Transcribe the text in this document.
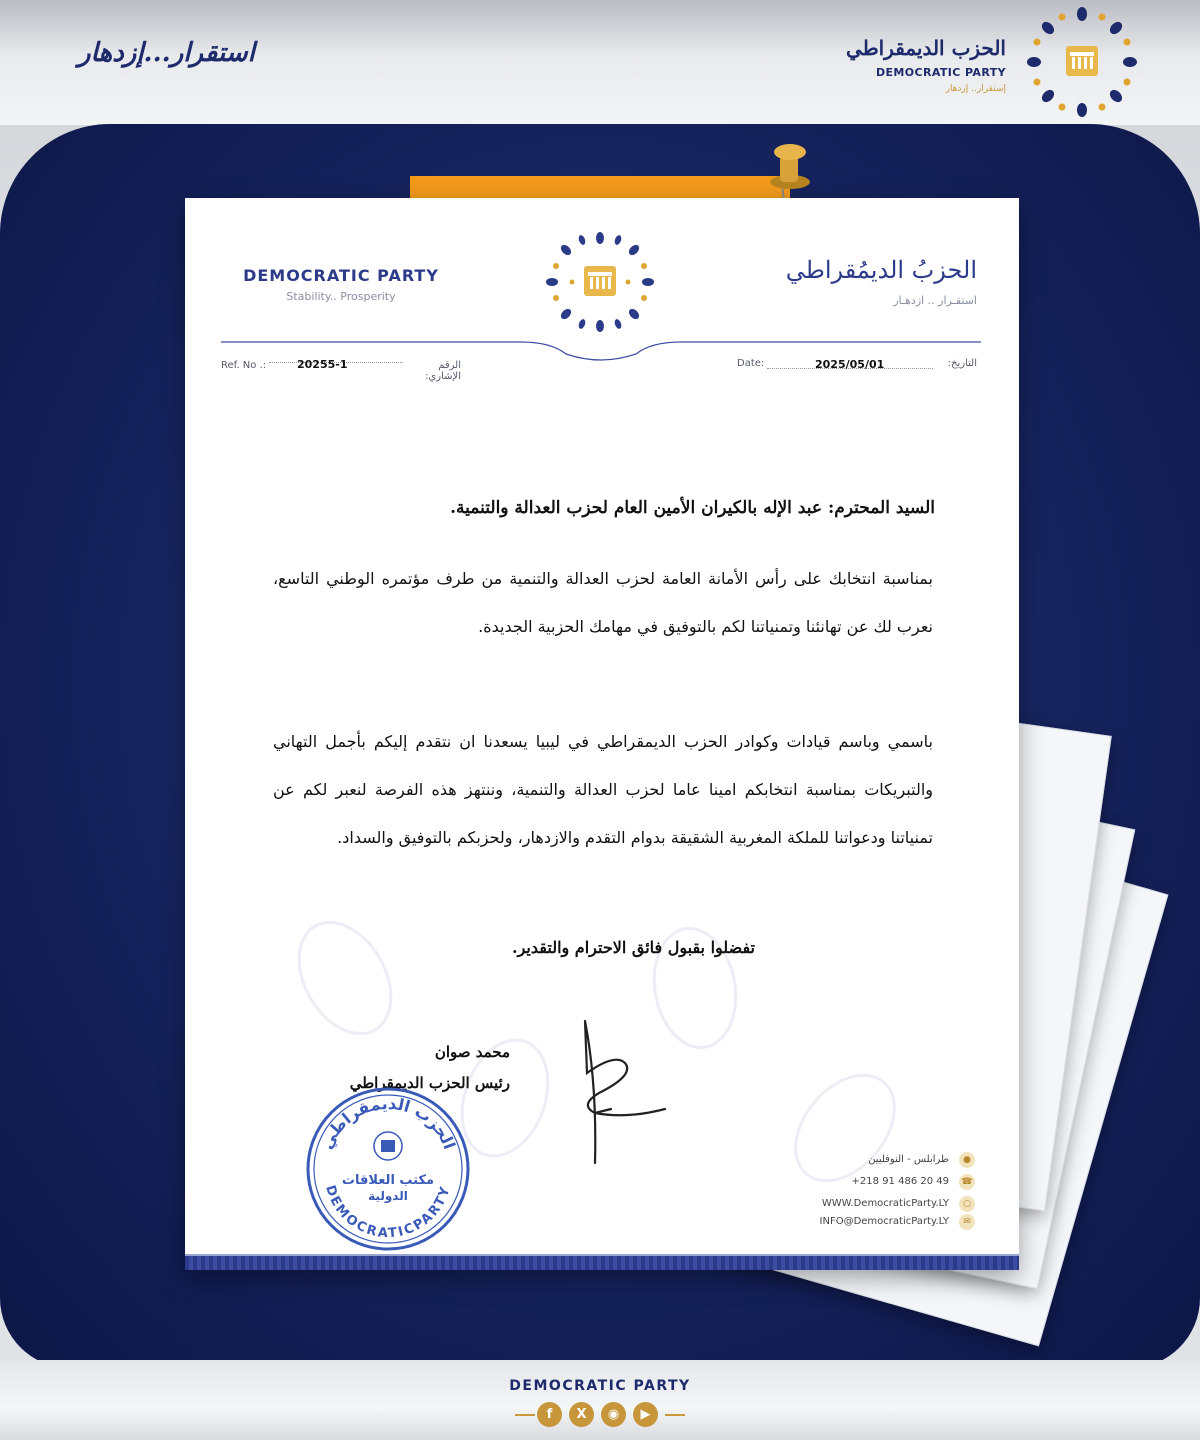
استقرار...إزدهار	الحزب الديمقراطي
DEMOCRATIC PARTY
إستقرار.. إزدهار
DEMOCRATIC PARTY
Stability.. Prosperity
الحزبُ الديمُقراطي
استقـرار .. ازدهـار
Ref. No .:	20255-1	الرقم الإشاري:
Date:	2025/05/01	التاريخ:
السيد المحترم: عبد الإله بالكيران الأمين العام لحزب العدالة والتنمية.
بمناسبة انتخابك على رأس الأمانة العامة لحزب العدالة والتنمية من طرف مؤتمره الوطني التاسع، نعرب لك عن تهانئنا وتمنياتنا لكم بالتوفيق في مهامك الحزبية الجديدة.
باسمي وباسم قيادات وكوادر الحزب الديمقراطي في ليبيا يسعدنا ان نتقدم إليكم بأجمل التهاني والتبريكات بمناسبة انتخابكم امينا عاما لحزب العدالة والتنمية، وننتهز هذه الفرصة لنعبر لكم عن تمنياتنا ودعواتنا للملكة المغربية الشقيقة بدوام التقدم والازدهار، ولحزبكم بالتوفيق والسداد.
تفضلوا بقبول فائق الاحترام والتقدير.
محمد صوان
رئيس الحزب الديمقراطي
الحزب الديمقراطي
DEMOCRATICPARTY
مكتب العلاقات
الدولية
طرابلس - النوفليين	●
+218 91 486 20 49 ☎
WWW.DemocraticParty.LY	○
INFO@DemocraticParty.LY	✉
DEMOCRATIC PARTY
f	X	◉	▶
